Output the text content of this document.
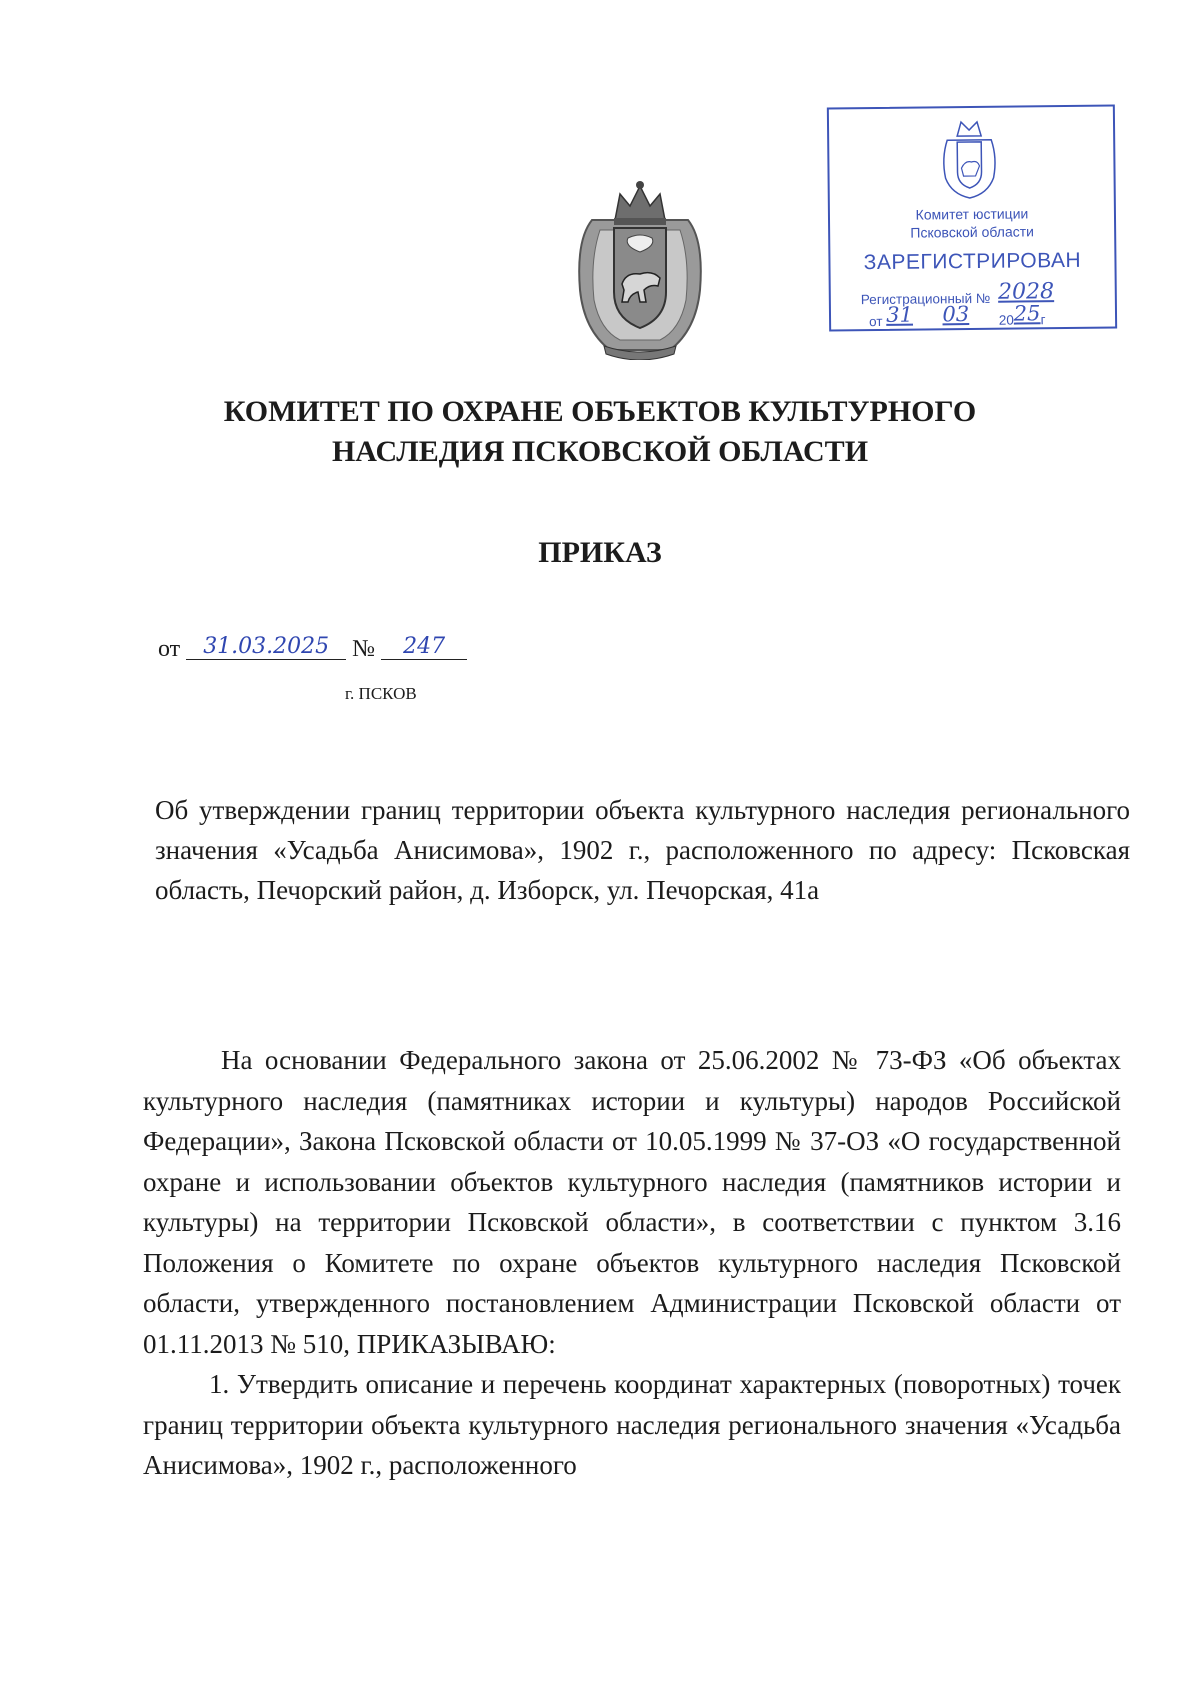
Комитет юстиции
Псковской области
ЗАРЕГИСТРИРОВАН
Регистрационный № 2028
от 31 03 2025г
КОМИТЕТ ПО ОХРАНЕ ОБЪЕКТОВ КУЛЬТУРНОГО
НАСЛЕДИЯ ПСКОВСКОЙ ОБЛАСТИ
ПРИКАЗ
от 31.03.2025 № 247
г. ПСКОВ
Об утверждении границ территории объекта культурного наследия регионального значения «Усадьба Анисимова», 1902 г., расположенного по адресу: Псковская область, Печорский район, д. Изборск, ул. Печорская, 41а

На основании Федерального закона от 25.06.2002 № 73-ФЗ «Об объектах культурного наследия (памятниках истории и культуры) народов Российской Федерации», Закона Псковской области от 10.05.1999 № 37-ОЗ «О государственной охране и использовании объектов культурного наследия (памятников истории и культуры) на территории Псковской области», в соответствии с пунктом 3.16 Положения о Комитете по охране объектов культурного наследия Псковской области, утвержденного постановлением Администрации Псковской области от 01.11.2013 № 510, ПРИКАЗЫВАЮ:

1. Утвердить описание и перечень координат характерных (поворотных) точек границ территории объекта культурного наследия регионального значения «Усадьба Анисимова», 1902 г., расположенного
